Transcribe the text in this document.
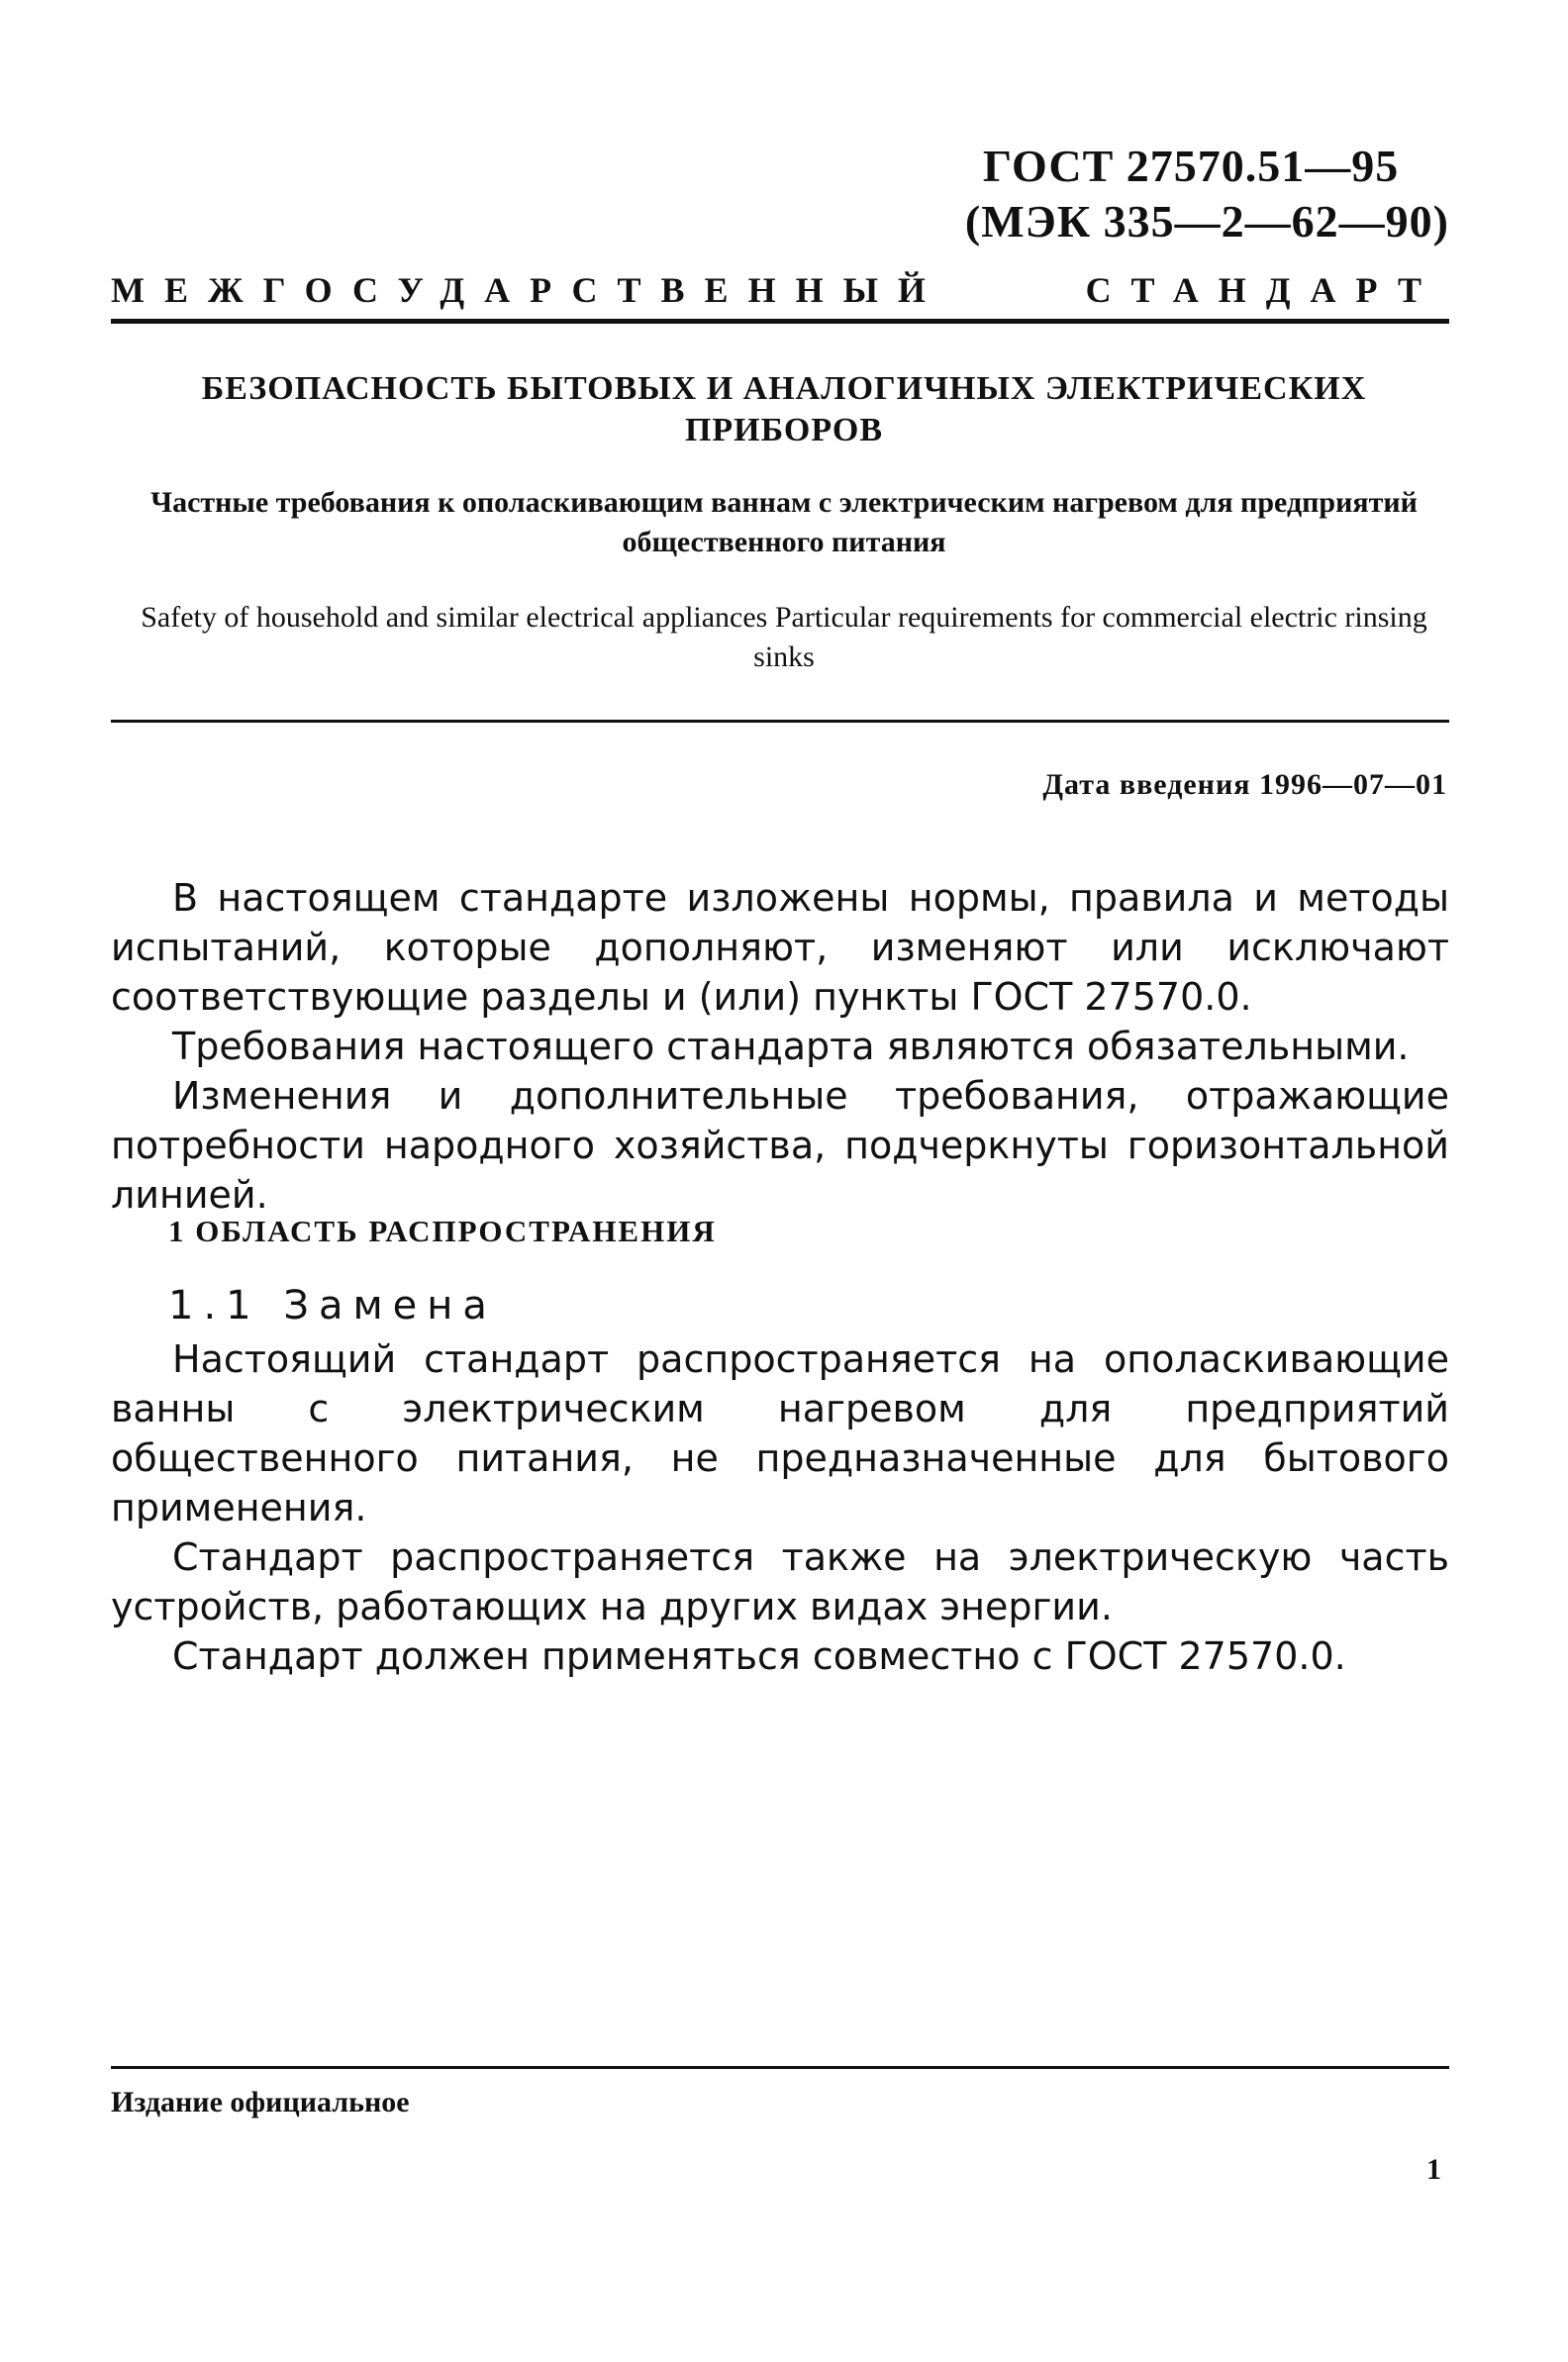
ГОСТ 27570.51—95
(МЭК 335—2—62—90)
МЕЖГОСУДАРСТВЕННЫЙ	СТАНДАРТ
БЕЗОПАСНОСТЬ БЫТОВЫХ И АНАЛОГИЧНЫХ ЭЛЕКТРИЧЕСКИХ ПРИБОРОВ
Частные требования к ополаскивающим ваннам с электрическим нагревом для предприятий общественного питания
Safety of household and similar electrical appliances Particular requirements for commercial electric rinsing sinks
Дата введения 1996—07—01

В настоящем стандарте изложены нормы, правила и методы испытаний, которые дополняют, изменяют или исключают соответствующие разделы и (или) пункты ГОСТ 27570.0.

Требования настоящего стандарта являются обязательными.

Изменения и дополнительные требования, отражающие потребности народного хозяйства, подчеркнуты горизонтальной линией.

1 ОБЛАСТЬ РАСПРОСТРАНЕНИЯ
1.1 Замена

Настоящий стандарт распространяется на ополаскивающие ванны с электрическим нагревом для предприятий общественного питания, не предназначенные для бытового применения.

Стандарт распространяется также на электрическую часть устройств, работающих на других видах энергии.

Стандарт должен применяться совместно с ГОСТ 27570.0.

Издание официальное
1
